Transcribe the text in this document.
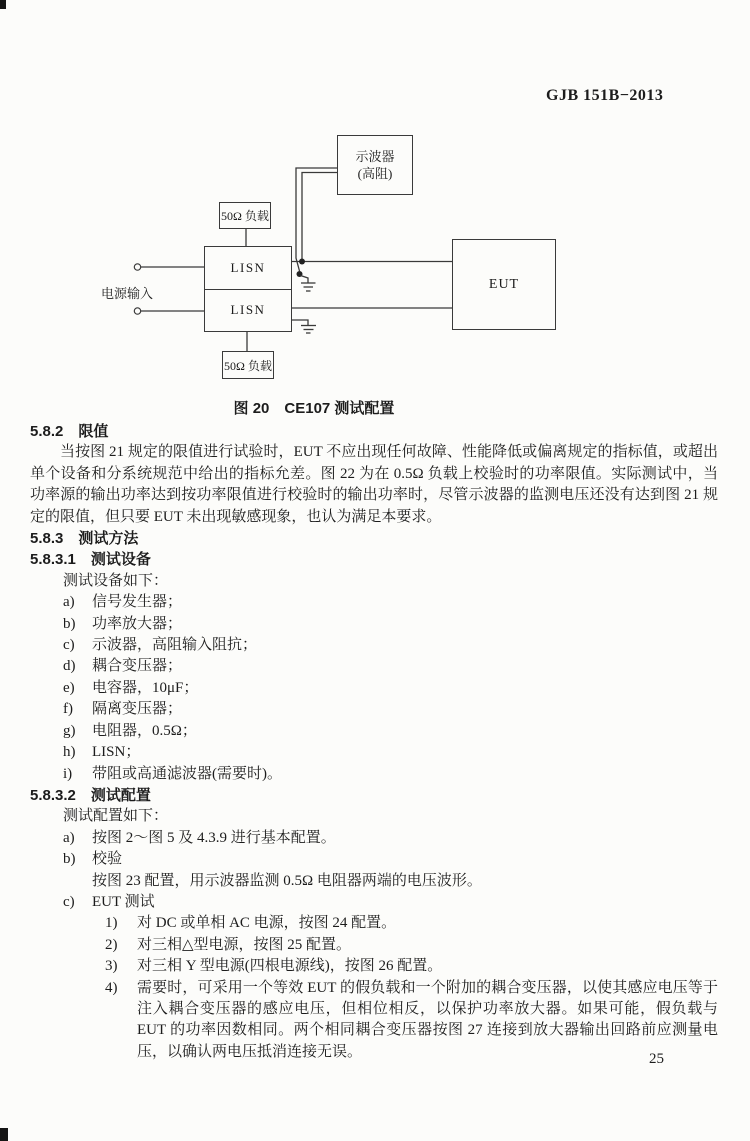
GJB 151B−2013
示波器
(高阻)
50Ω 负载
LISN
LISN
50Ω 负载
EUT
电源输入
图 20　CE107 测试配置
5.8.2　限值
当按图 21 规定的限值进行试验时，EUT 不应出现任何故障、性能降低或偏离规定的指标值，或超出单个设备和分系统规范中给出的指标允差。图 22 为在 0.5Ω 负载上校验时的功率限值。实际测试中，当功率源的输出功率达到按功率限值进行校验时的输出功率时，尽管示波器的监测电压还没有达到图 21 规定的限值，但只要 EUT 未出现敏感现象，也认为满足本要求。
5.8.3　测试方法
5.8.3.1　测试设备
测试设备如下：
a) 信号发生器；
b) 功率放大器；
c) 示波器，高阻输入阻抗；
d) 耦合变压器；
e) 电容器，10μF；
f) 隔离变压器；
g) 电阻器，0.5Ω；
h) LISN；
i) 带阻或高通滤波器(需要时)。
5.8.3.2　测试配置
测试配置如下：
a) 按图 2～图 5 及 4.3.9 进行基本配置。
b) 校验
按图 23 配置，用示波器监测 0.5Ω 电阻器两端的电压波形。
c) EUT 测试
1) 对 DC 或单相 AC 电源，按图 24 配置。
2) 对三相△型电源，按图 25 配置。
3) 对三相 Y 型电源(四根电源线)，按图 26 配置。
4) 需要时，可采用一个等效 EUT 的假负载和一个附加的耦合变压器，以使其感应电压等于注入耦合变压器的感应电压，但相位相反，以保护功率放大器。如果可能，假负载与 EUT 的功率因数相同。两个相同耦合变压器按图 27 连接到放大器输出回路前应测量电压，以确认两电压抵消连接无误。	25
